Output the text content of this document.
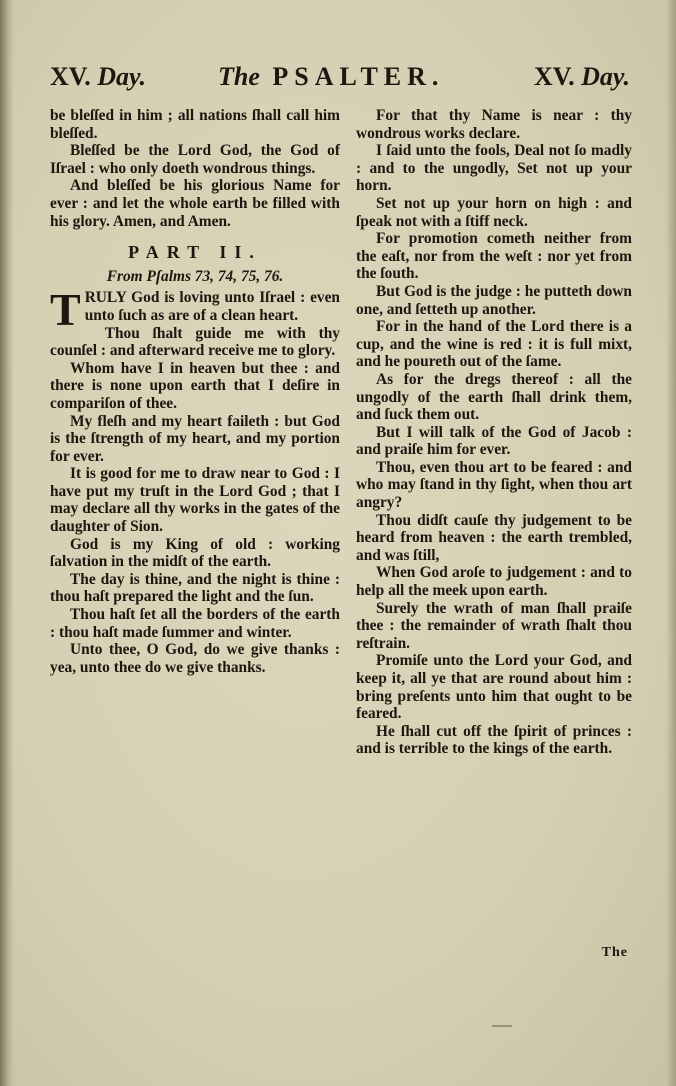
XV. Day.	The PSALTER.	XV. Day.

be bleſſed in him ; all nations ſhall call him bleſſed.

Bleſſed be the Lord God, the God of Iſrael : who only doeth wondrous things.

And bleſſed be his glorious Name for ever : and let the whole earth be filled with his glory. Amen, and Amen.

PART II.
From Pſalms 73, 74, 75, 76.

TRULY God is loving unto Iſrael : even unto ſuch as are of a clean heart.

Thou ſhalt guide me with thy counſel : and afterward receive me to glory.

Whom have I in heaven but thee : and there is none upon earth that I deſire in compariſon of thee.

My fleſh and my heart faileth : but God is the ſtrength of my heart, and my portion for ever.

It is good for me to draw near to God : I have put my truſt in the Lord God ; that I may declare all thy works in the gates of the daughter of Sion.

God is my King of old : working ſalvation in the midſt of the earth.

The day is thine, and the night is thine : thou haſt prepared the light and the ſun.

Thou haſt ſet all the borders of the earth : thou haſt made ſummer and winter.

Unto thee, O God, do we give thanks : yea, unto thee do we give thanks.

For that thy Name is near : thy wondrous works declare.

I ſaid unto the fools, Deal not ſo madly : and to the ungodly, Set not up your horn.

Set not up your horn on high : and ſpeak not with a ſtiff neck.

For promotion cometh neither from the eaſt, nor from the weſt : nor yet from the ſouth.

But God is the judge : he putteth down one, and ſetteth up another.

For in the hand of the Lord there is a cup, and the wine is red : it is full mixt, and he poureth out of the ſame.

As for the dregs thereof : all the ungodly of the earth ſhall drink them, and ſuck them out.

But I will talk of the God of Jacob : and praiſe him for ever.

Thou, even thou art to be feared : and who may ſtand in thy ſight, when thou art angry?

Thou didſt cauſe thy judgement to be heard from heaven : the earth trembled, and was ſtill,

When God aroſe to judgement : and to help all the meek upon earth.

Surely the wrath of man ſhall praiſe thee : the remainder of wrath ſhalt thou reſtrain.

Promiſe unto the Lord your God, and keep it, all ye that are round about him : bring preſents unto him that ought to be feared.

He ſhall cut off the ſpirit of princes : and is terrible to the kings of the earth.

The
